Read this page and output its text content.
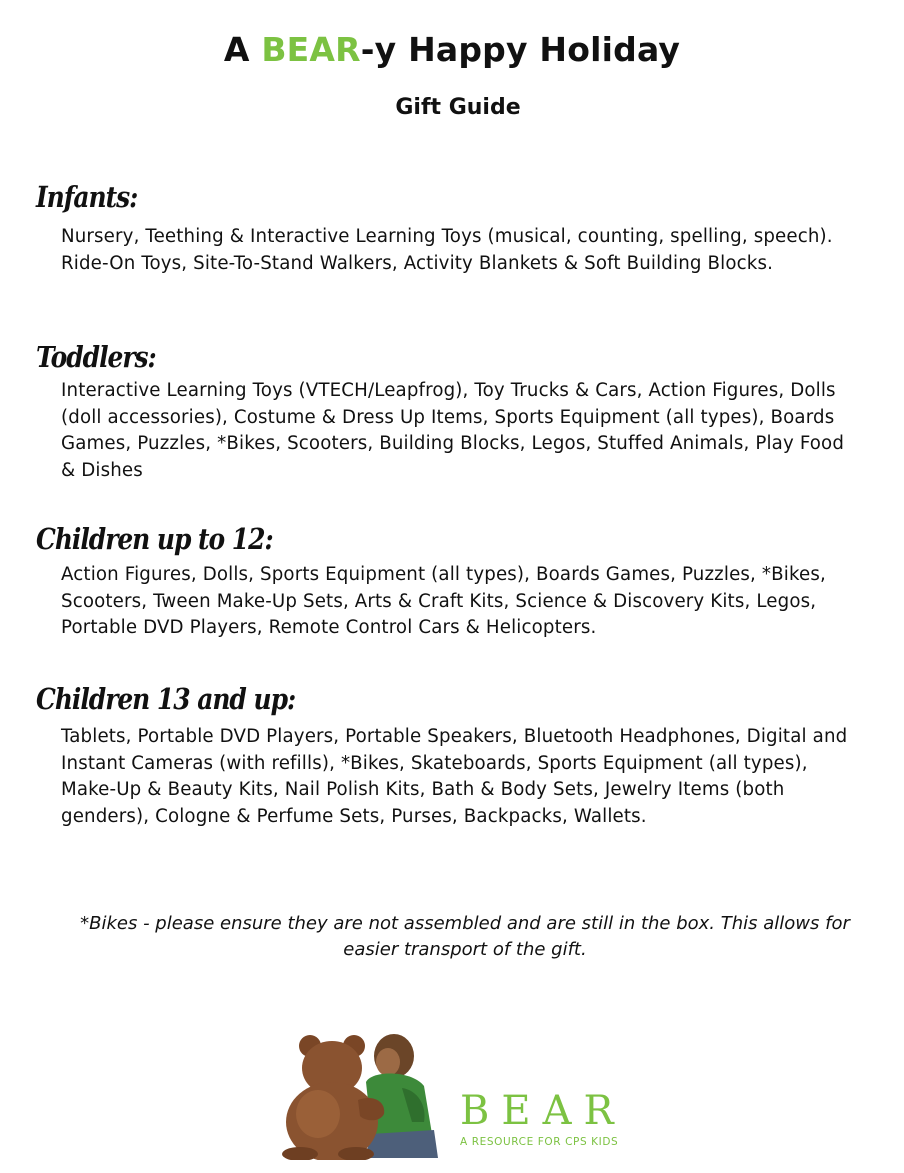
A BEAR-y Happy Holiday
Gift Guide
Infants:
Nursery, Teething & Interactive Learning Toys (musical, counting, spelling, speech). Ride-On Toys, Site-To-Stand Walkers, Activity Blankets & Soft Building Blocks.
Toddlers:
Interactive Learning Toys (VTECH/Leapfrog), Toy Trucks & Cars, Action Figures, Dolls (doll accessories), Costume & Dress Up Items, Sports Equipment (all types), Boards Games, Puzzles, *Bikes, Scooters, Building Blocks, Legos, Stuffed Animals, Play Food & Dishes
Children up to 12:
Action Figures, Dolls, Sports Equipment (all types), Boards Games, Puzzles, *Bikes, Scooters, Tween Make-Up Sets, Arts & Craft Kits, Science & Discovery Kits, Legos, Portable DVD Players, Remote Control Cars & Helicopters.
Children 13 and up:
Tablets, Portable DVD Players, Portable Speakers, Bluetooth Headphones, Digital and Instant Cameras (with refills), *Bikes, Skateboards, Sports Equipment (all types), Make-Up & Beauty Kits, Nail Polish Kits, Bath & Body Sets, Jewelry Items (both genders), Cologne & Perfume Sets, Purses, Backpacks, Wallets.
*Bikes - please ensure they are not assembled and are still in the box. This allows for easier transport of the gift.
BEAR
A RESOURCE FOR CPS KIDS
